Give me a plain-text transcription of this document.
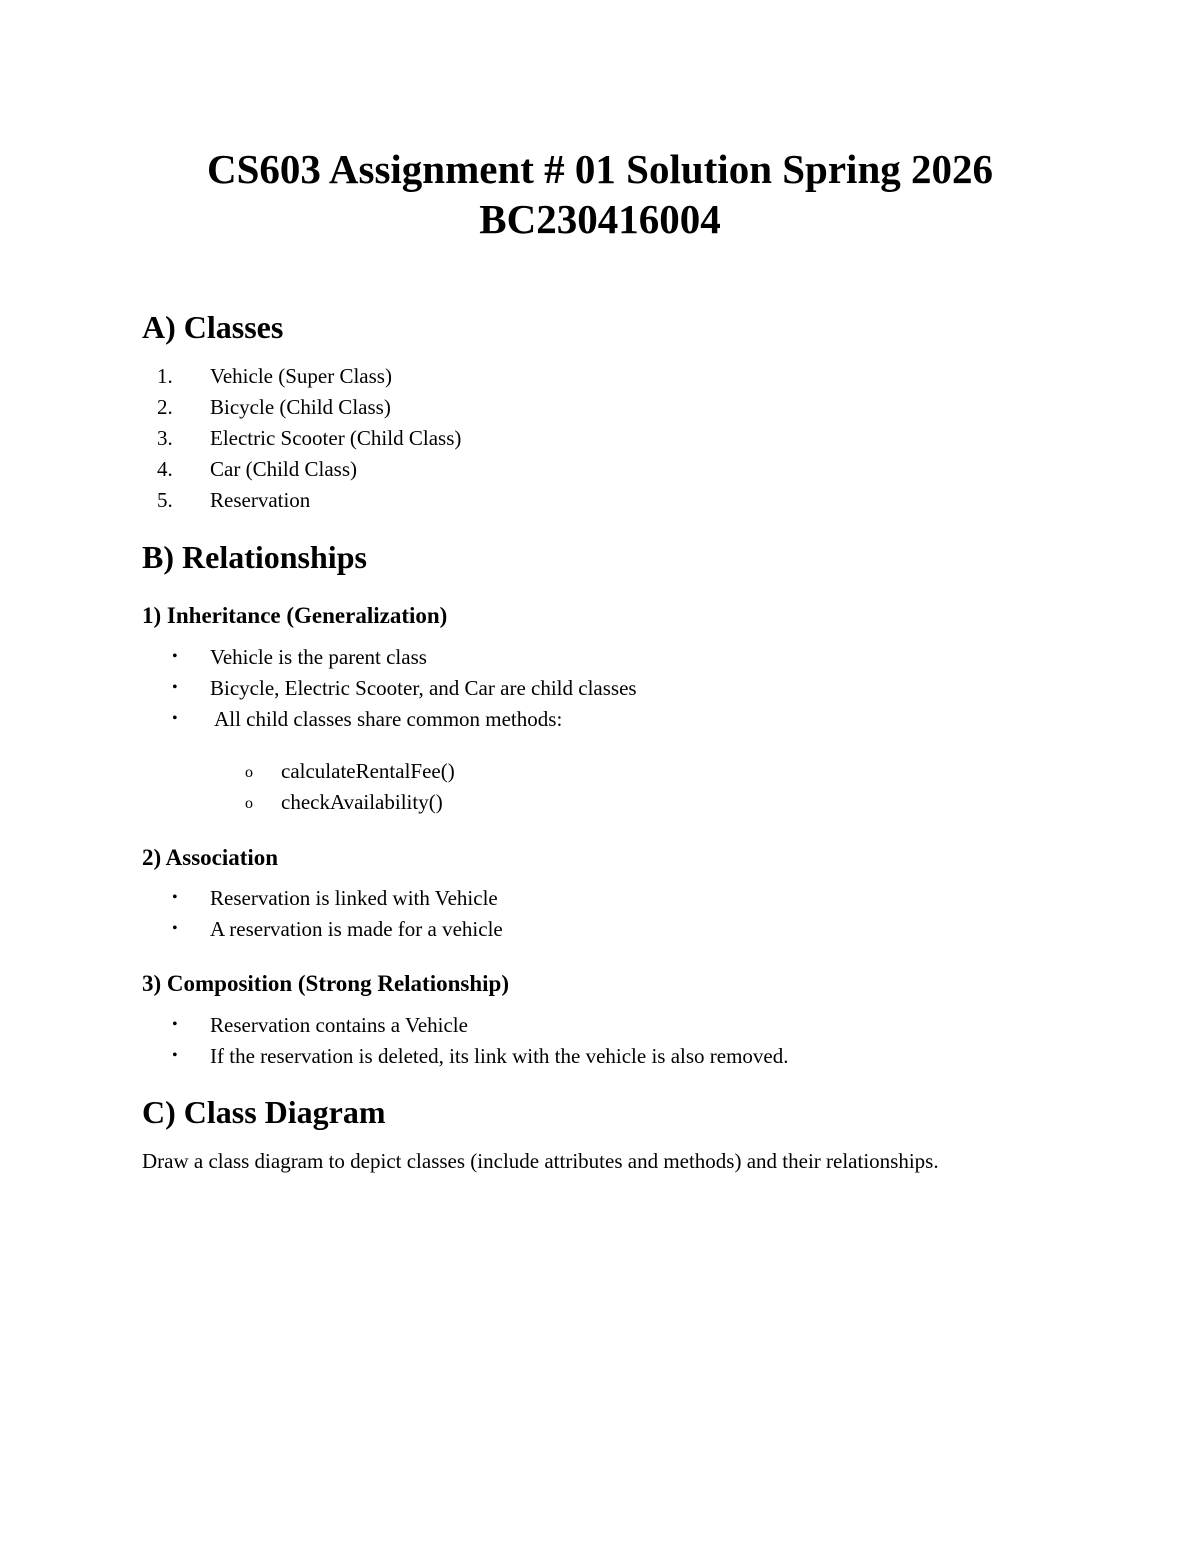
CS603 Assignment # 01 Solution Spring 2026
BC230416004
A) Classes
1. Vehicle (Super Class)
2. Bicycle (Child Class)
3. Electric Scooter (Child Class)
4. Car (Child Class)
5. Reservation
B) Relationships
1) Inheritance (Generalization)
• Vehicle is the parent class
• Bicycle, Electric Scooter, and Car are child classes
• All child classes share common methods:
o calculateRentalFee()
o checkAvailability()
2) Association
• Reservation is linked with Vehicle
• A reservation is made for a vehicle
3) Composition (Strong Relationship)
• Reservation contains a Vehicle
• If the reservation is deleted, its link with the vehicle is also removed.
C) Class Diagram

Draw a class diagram to depict classes (include attributes and methods) and their relationships.
